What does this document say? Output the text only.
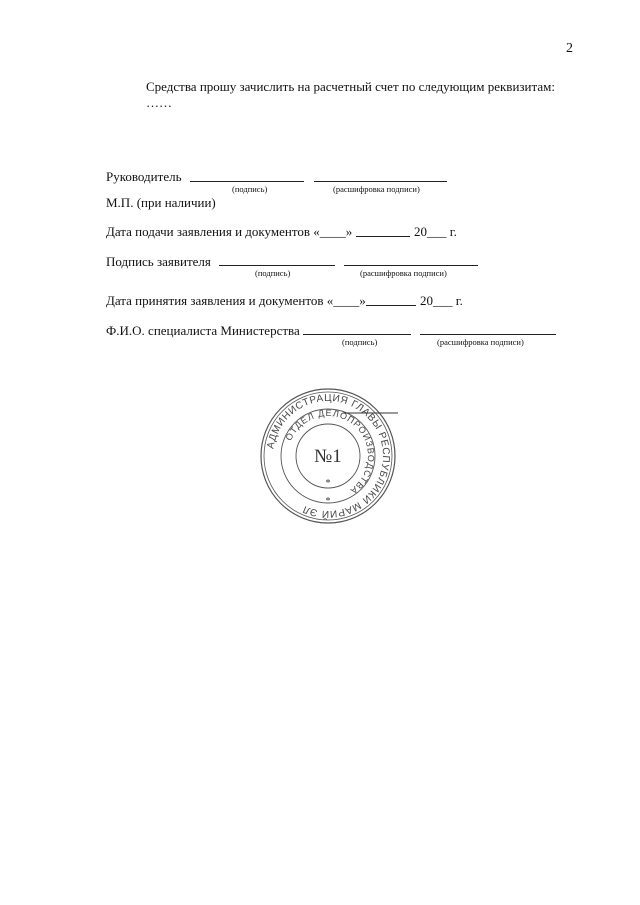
2
Средства прошу зачислить на расчетный счет по следующим реквизитам:
……
Руководитель
(подпись)	(расшифровка подписи)
М.П. (при наличии)
Дата подачи заявления и документов «____»	20___ г.
Подпись заявителя
(подпись)	(расшифровка подписи)
Дата принятия заявления и документов «____»	20___ г.
Ф.И.О. специалиста Министерства
(подпись)	(расшифровка подписи)
АДМИНИСТРАЦИЯ ГЛАВЫ РЕСПУБЛИКИ МАРИЙ ЭЛ
ОТДЕЛ ДЕЛОПРОИЗВОДСТВА
№1
*
*
